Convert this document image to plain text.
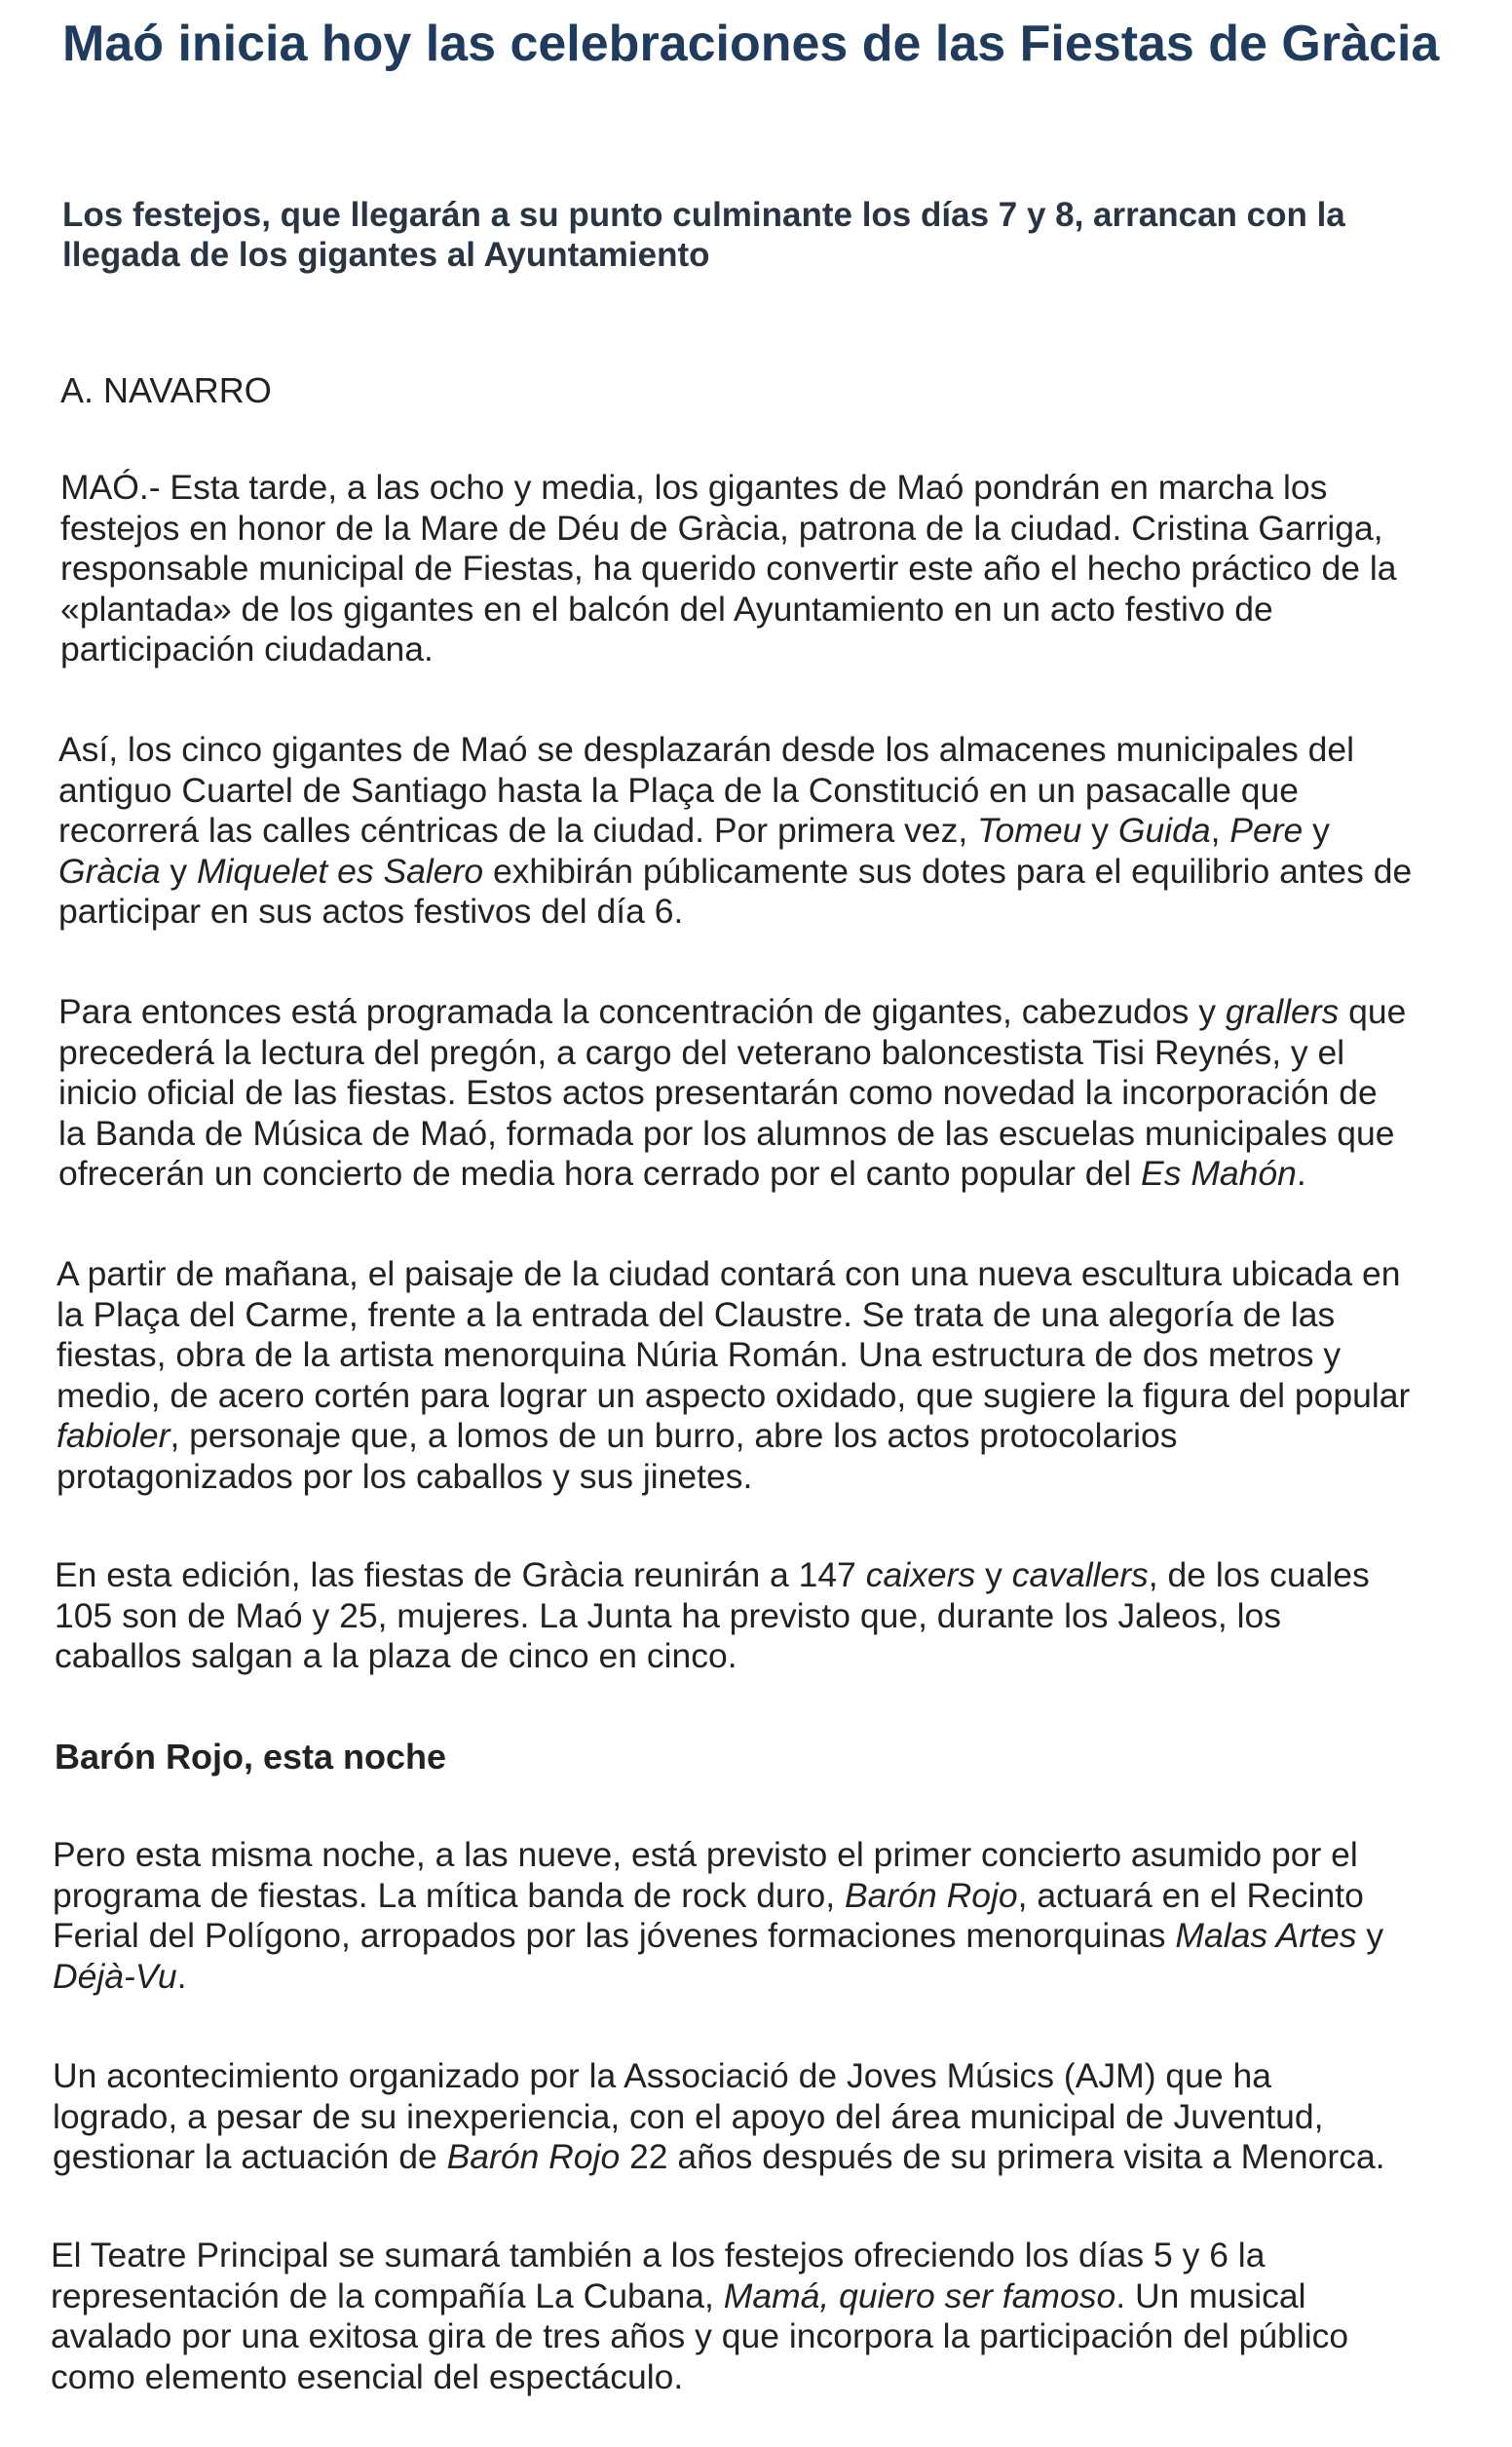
Maó inicia hoy las celebraciones de las Fiestas de Gràcia
Los festejos, que llegarán a su punto culminante los días 7 y 8, arrancan con la llegada de los gigantes al Ayuntamiento

A. NAVARRO

MAÓ.- Esta tarde, a las ocho y media, los gigantes de Maó pondrán en marcha los
festejos en honor de la Mare de Déu de Gràcia, patrona de la ciudad. Cristina Garriga,
responsable municipal de Fiestas, ha querido convertir este año el hecho práctico de la
«plantada» de los gigantes en el balcón del Ayuntamiento en un acto festivo de
participación ciudadana.

Así, los cinco gigantes de Maó se desplazarán desde los almacenes municipales del
antiguo Cuartel de Santiago hasta la Plaça de la Constitució en un pasacalle que
recorrerá las calles céntricas de la ciudad. Por primera vez, Tomeu y Guida, Pere y
Gràcia y Miquelet es Salero exhibirán públicamente sus dotes para el equilibrio antes de
participar en sus actos festivos del día 6.

Para entonces está programada la concentración de gigantes, cabezudos y grallers que
precederá la lectura del pregón, a cargo del veterano baloncestista Tisi Reynés, y el
inicio oficial de las fiestas. Estos actos presentarán como novedad la incorporación de
la Banda de Música de Maó, formada por los alumnos de las escuelas municipales que
ofrecerán un concierto de media hora cerrado por el canto popular del Es Mahón.

A partir de mañana, el paisaje de la ciudad contará con una nueva escultura ubicada en
la Plaça del Carme, frente a la entrada del Claustre. Se trata de una alegoría de las
fiestas, obra de la artista menorquina Núria Román. Una estructura de dos metros y
medio, de acero cortén para lograr un aspecto oxidado, que sugiere la figura del popular
fabioler, personaje que, a lomos de un burro, abre los actos protocolarios
protagonizados por los caballos y sus jinetes.

En esta edición, las fiestas de Gràcia reunirán a 147 caixers y cavallers, de los cuales
105 son de Maó y 25, mujeres. La Junta ha previsto que, durante los Jaleos, los
caballos salgan a la plaza de cinco en cinco.

Barón Rojo, esta noche

Pero esta misma noche, a las nueve, está previsto el primer concierto asumido por el
programa de fiestas. La mítica banda de rock duro, Barón Rojo, actuará en el Recinto
Ferial del Polígono, arropados por las jóvenes formaciones menorquinas Malas Artes y
Déjà-Vu.

Un acontecimiento organizado por la Associació de Joves Músics (AJM) que ha
logrado, a pesar de su inexperiencia, con el apoyo del área municipal de Juventud,
gestionar la actuación de Barón Rojo 22 años después de su primera visita a Menorca.

El Teatre Principal se sumará también a los festejos ofreciendo los días 5 y 6 la
representación de la compañía La Cubana, Mamá, quiero ser famoso. Un musical
avalado por una exitosa gira de tres años y que incorpora la participación del público
como elemento esencial del espectáculo.
